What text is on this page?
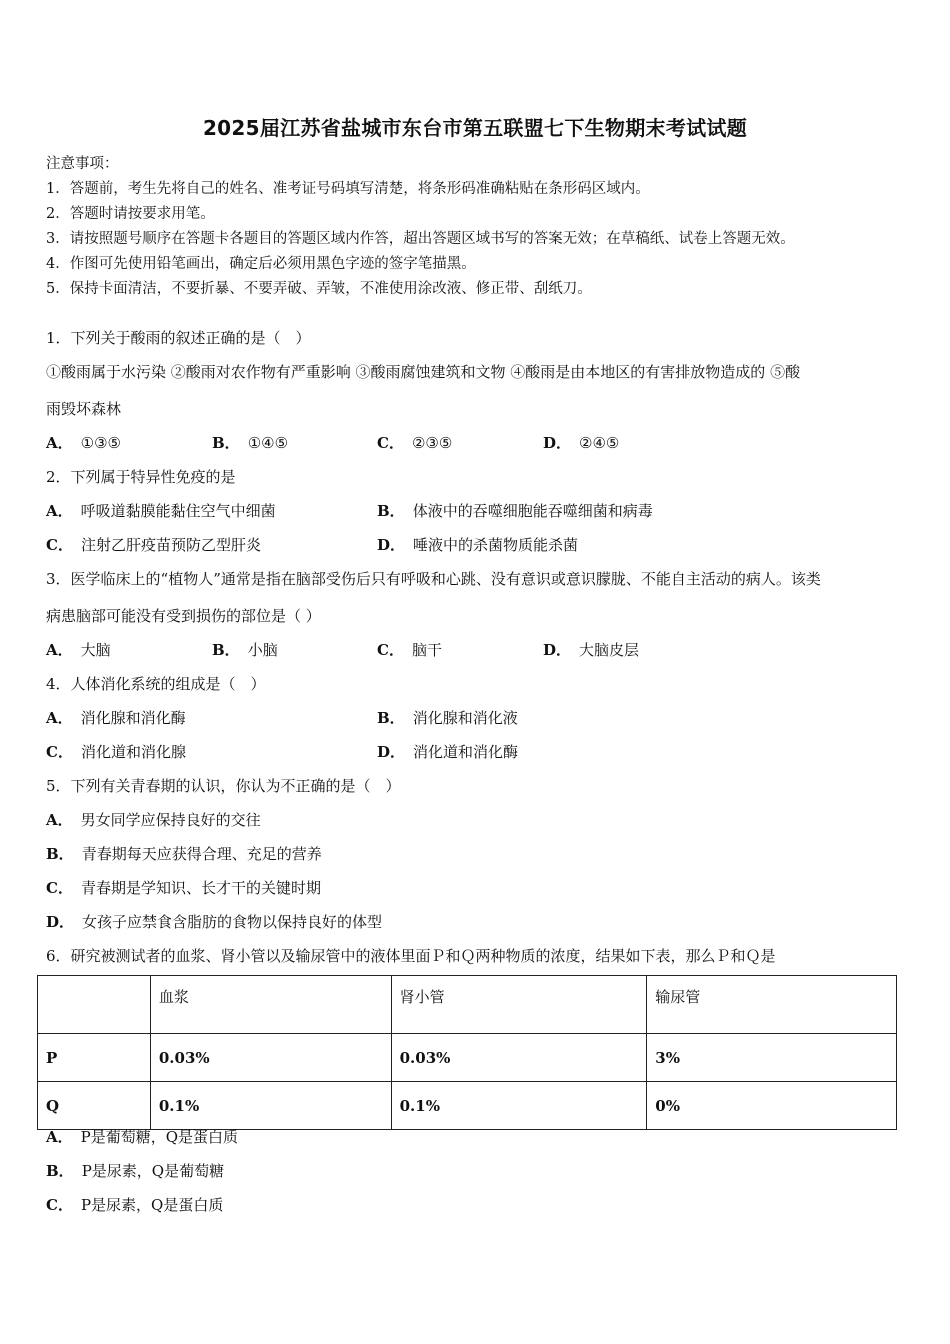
2025届江苏省盐城市东台市第五联盟七下生物期末考试试题
注意事项：
1．答题前，考生先将自己的姓名、准考证号码填写清楚，将条形码准确粘贴在条形码区域内。
2．答题时请按要求用笔。
3．请按照题号顺序在答题卡各题目的答题区域内作答，超出答题区域书写的答案无效；在草稿纸、试卷上答题无效。
4．作图可先使用铅笔画出，确定后必须用黑色字迹的签字笔描黑。
5．保持卡面清洁，不要折暴、不要弄破、弄皱，不准使用涂改液、修正带、刮纸刀。
1．下列关于酸雨的叙述正确的是（　）
①酸雨属于水污染 ②酸雨对农作物有严重影响 ③酸雨腐蚀建筑和文物 ④酸雨是由本地区的有害排放物造成的 ⑤酸
雨毁坏森林
A． ①③⑤	B． ①④⑤	C． ②③⑤	D． ②④⑤
2．下列属于特异性免疫的是
A． 呼吸道黏膜能黏住空气中细菌	B． 体液中的吞噬细胞能吞噬细菌和病毒
C． 注射乙肝疫苗预防乙型肝炎	D． 唾液中的杀菌物质能杀菌
3．医学临床上的“植物人”通常是指在脑部受伤后只有呼吸和心跳、没有意识或意识朦胧、不能自主活动的病人。该类
病患脑部可能没有受到损伤的部位是（ ）
A． 大脑	B． 小脑	C． 脑干	D． 大脑皮层
4．人体消化系统的组成是（　）
A． 消化腺和消化酶	B． 消化腺和消化液
C． 消化道和消化腺	D． 消化道和消化酶
5．下列有关青春期的认识，你认为不正确的是（　）
A． 男女同学应保持良好的交往
B． 青春期每天应获得合理、充足的营养
C． 青春期是学知识、长才干的关键时期
D． 女孩子应禁食含脂肪的食物以保持良好的体型
6．研究被测试者的血浆、肾小管以及输尿管中的液体里面Ｐ和Ｑ两种物质的浓度，结果如下表，那么Ｐ和Ｑ是
	血浆	肾小管	输尿管
P	0.03%	0.03%	3%
Q	0.1%	0.1%	0%
A． P是葡萄糖，Q是蛋白质
B． P是尿素，Q是葡萄糖
C． P是尿素，Q是蛋白质
